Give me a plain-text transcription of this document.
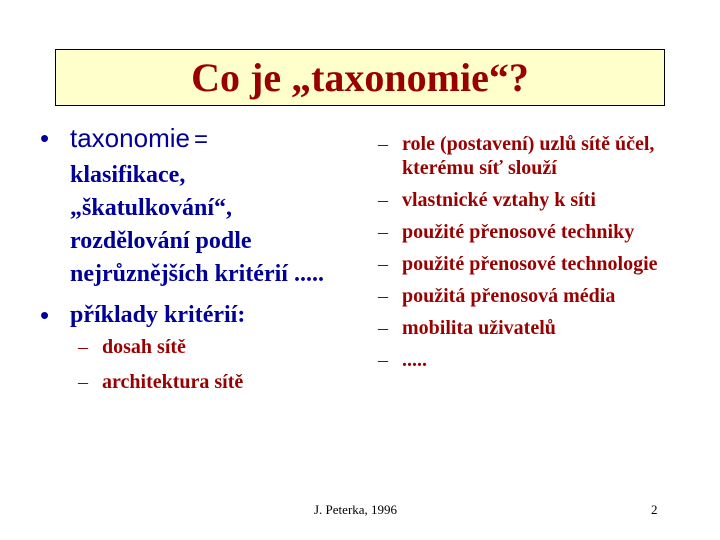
Co je „taxonomie“?
• taxonomie =
klasifikace, „škatulkování“, rozdělování podle nejrůznějších kritérií .....
• příklady kritérií:
– dosah sítě
– architektura sítě
– role (postavení) uzlů sítě účel, kterému síť slouží
– vlastnické vztahy k síti
– použité přenosové techniky
– použité přenosové technologie
– použitá přenosová média
– mobilita uživatelů
– .....
J. Peterka, 1996	2
